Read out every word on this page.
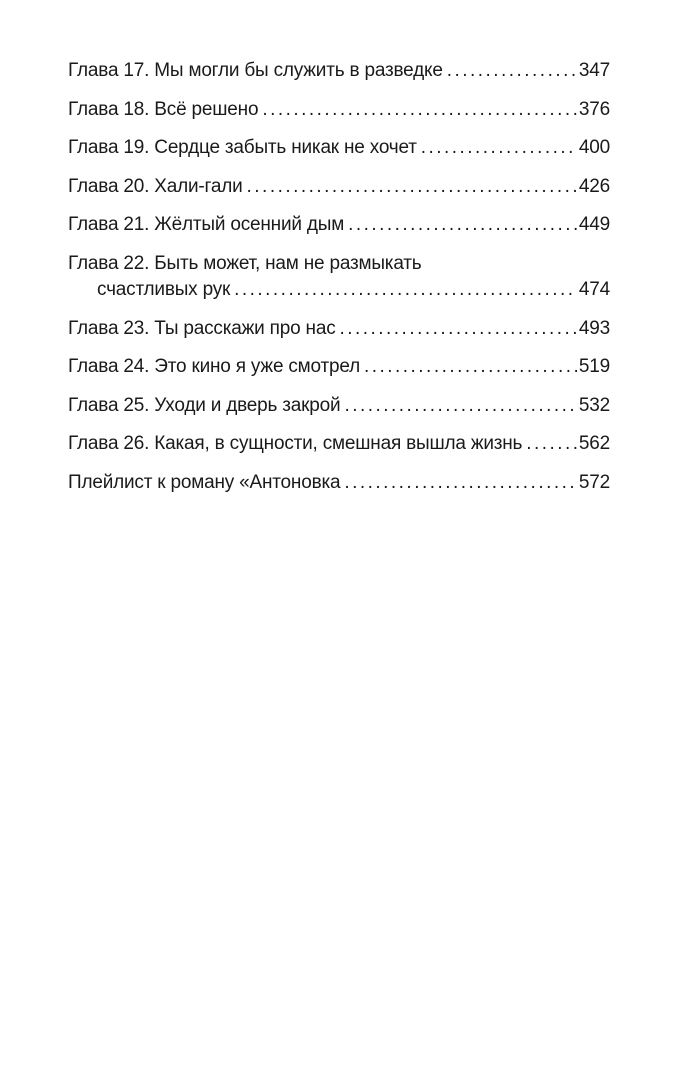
Глава 17. Мы могли бы служить в разведке . . .	347
Глава 18. Всё решено . . .	376
Глава 19. Сердце забыть никак не хочет . . .	400
Глава 20. Хали-гали . . .	426
Глава 21. Жёлтый осенний дым . . .	449
Глава 22. Быть может, нам не размыкать
счастливых рук . . .	474
Глава 23. Ты расскажи про нас . . .	493
Глава 24. Это кино я уже смотрел . . .	519
Глава 25. Уходи и дверь закрой . . .	532
Глава 26. Какая, в сущности, смешная вышла жизнь . . .	562
Плейлист к роману «Антоновка . . .	572
